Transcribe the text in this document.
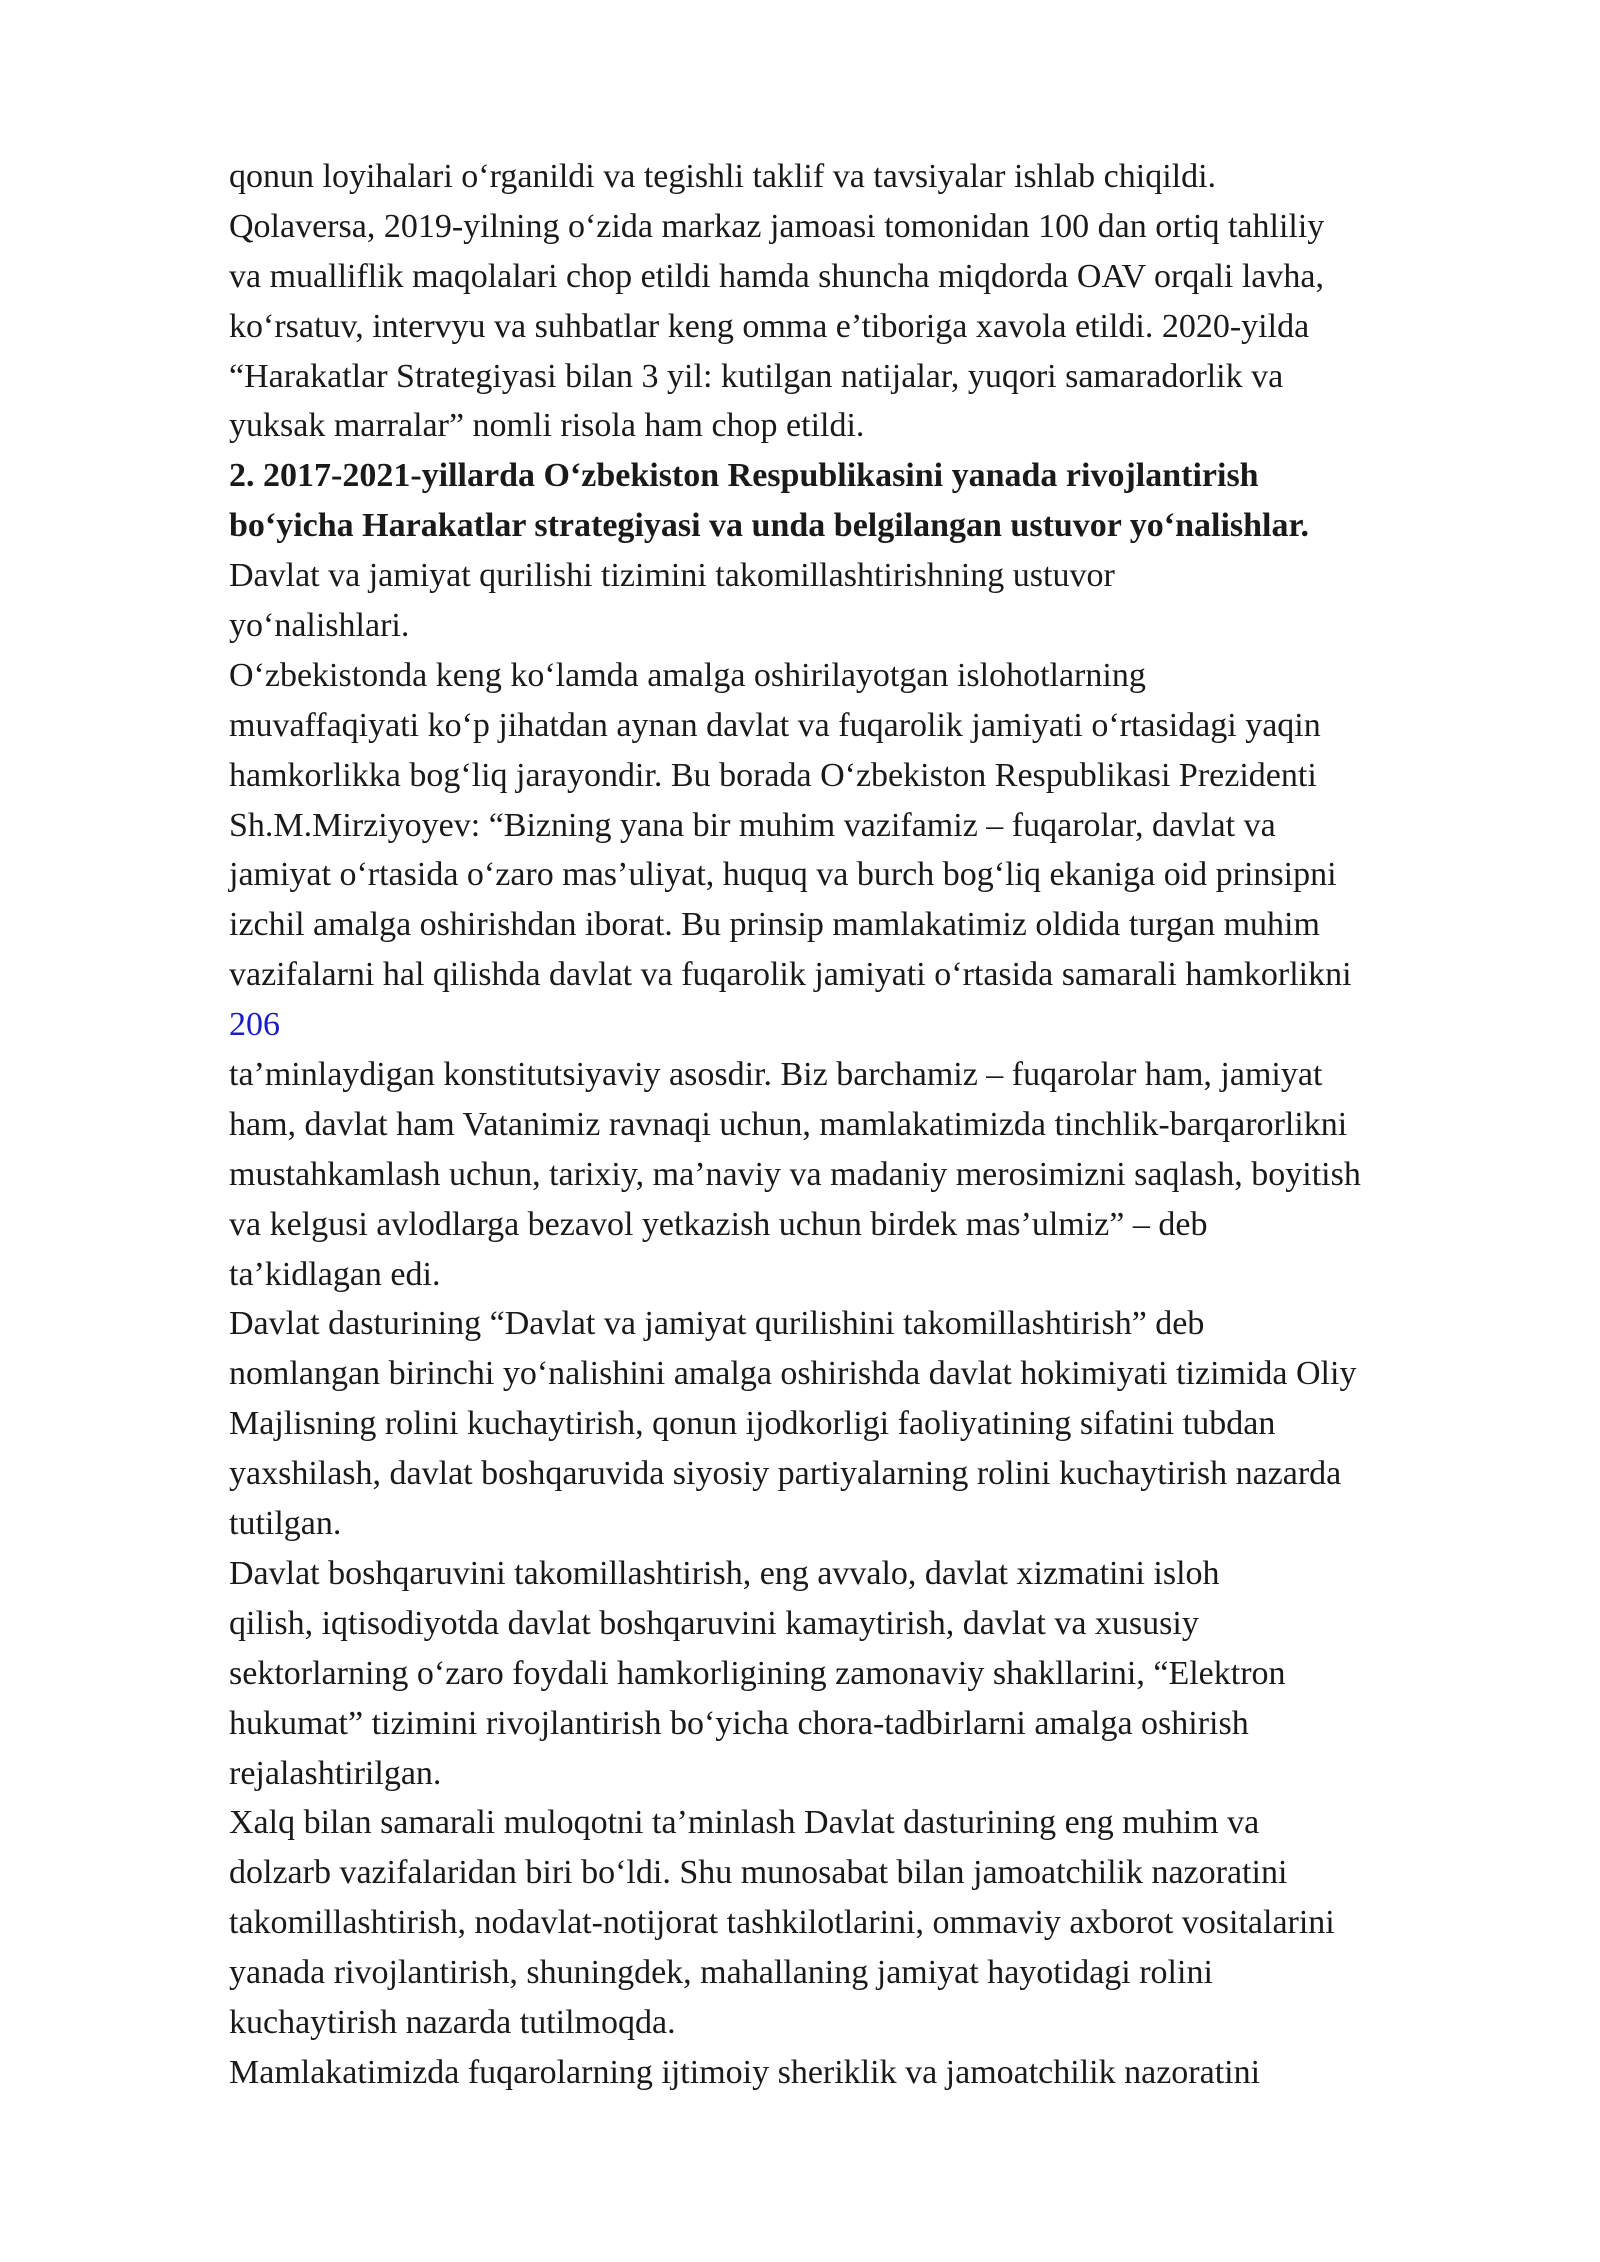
qonun loyihalari o‘rganildi va tegishli taklif va tavsiyalar ishlab chiqildi.
Qolaversa, 2019-yilning o‘zida markaz jamoasi tomonidan 100 dan ortiq tahliliy
va mualliflik maqolalari chop etildi hamda shuncha miqdorda OAV orqali lavha,
ko‘rsatuv, intervyu va suhbatlar keng omma e’tiboriga xavola etildi. 2020-yilda
“Harakatlar Strategiyasi bilan 3 yil: kutilgan natijalar, yuqori samaradorlik va
yuksak marralar” nomli risola ham chop etildi.
2. 2017-2021-yillarda O‘zbekiston Respublikasini yanada rivojlantirish
bo‘yicha Harakatlar strategiyasi va unda belgilangan ustuvor yo‘nalishlar.
Davlat va jamiyat qurilishi tizimini takomillashtirishning ustuvor
yo‘nalishlari.
O‘zbekistonda keng ko‘lamda amalga oshirilayotgan islohotlarning
muvaffaqiyati ko‘p jihatdan aynan davlat va fuqarolik jamiyati o‘rtasidagi yaqin
hamkorlikka bog‘liq jarayondir. Bu borada O‘zbekiston Respublikasi Prezidenti
Sh.M.Mirziyoyev: “Bizning yana bir muhim vazifamiz – fuqarolar, davlat va
jamiyat o‘rtasida o‘zaro mas’uliyat, huquq va burch bog‘liq ekaniga oid prinsipni
izchil amalga oshirishdan iborat. Bu prinsip mamlakatimiz oldida turgan muhim
vazifalarni hal qilishda davlat va fuqarolik jamiyati o‘rtasida samarali hamkorlikni
206
ta’minlaydigan konstitutsiyaviy asosdir. Biz barchamiz – fuqarolar ham, jamiyat
ham, davlat ham Vatanimiz ravnaqi uchun, mamlakatimizda tinchlik-barqarorlikni
mustahkamlash uchun, tarixiy, ma’naviy va madaniy merosimizni saqlash, boyitish
va kelgusi avlodlarga bezavol yetkazish uchun birdek mas’ulmiz” – deb
ta’kidlagan edi.
Davlat dasturining “Davlat va jamiyat qurilishini takomillashtirish” deb
nomlangan birinchi yo‘nalishini amalga oshirishda davlat hokimiyati tizimida Oliy
Majlisning rolini kuchaytirish, qonun ijodkorligi faoliyatining sifatini tubdan
yaxshilash, davlat boshqaruvida siyosiy partiyalarning rolini kuchaytirish nazarda
tutilgan.
Davlat boshqaruvini takomillashtirish, eng avvalo, davlat xizmatini isloh
qilish, iqtisodiyotda davlat boshqaruvini kamaytirish, davlat va xususiy
sektorlarning o‘zaro foydali hamkorligining zamonaviy shakllarini, “Elektron
hukumat” tizimini rivojlantirish bo‘yicha chora-tadbirlarni amalga oshirish
rejalashtirilgan.
Xalq bilan samarali muloqotni ta’minlash Davlat dasturining eng muhim va
dolzarb vazifalaridan biri bo‘ldi. Shu munosabat bilan jamoatchilik nazoratini
takomillashtirish, nodavlat-notijorat tashkilotlarini, ommaviy axborot vositalarini
yanada rivojlantirish, shuningdek, mahallaning jamiyat hayotidagi rolini
kuchaytirish nazarda tutilmoqda.
Mamlakatimizda fuqarolarning ijtimoiy sheriklik va jamoatchilik nazoratini
